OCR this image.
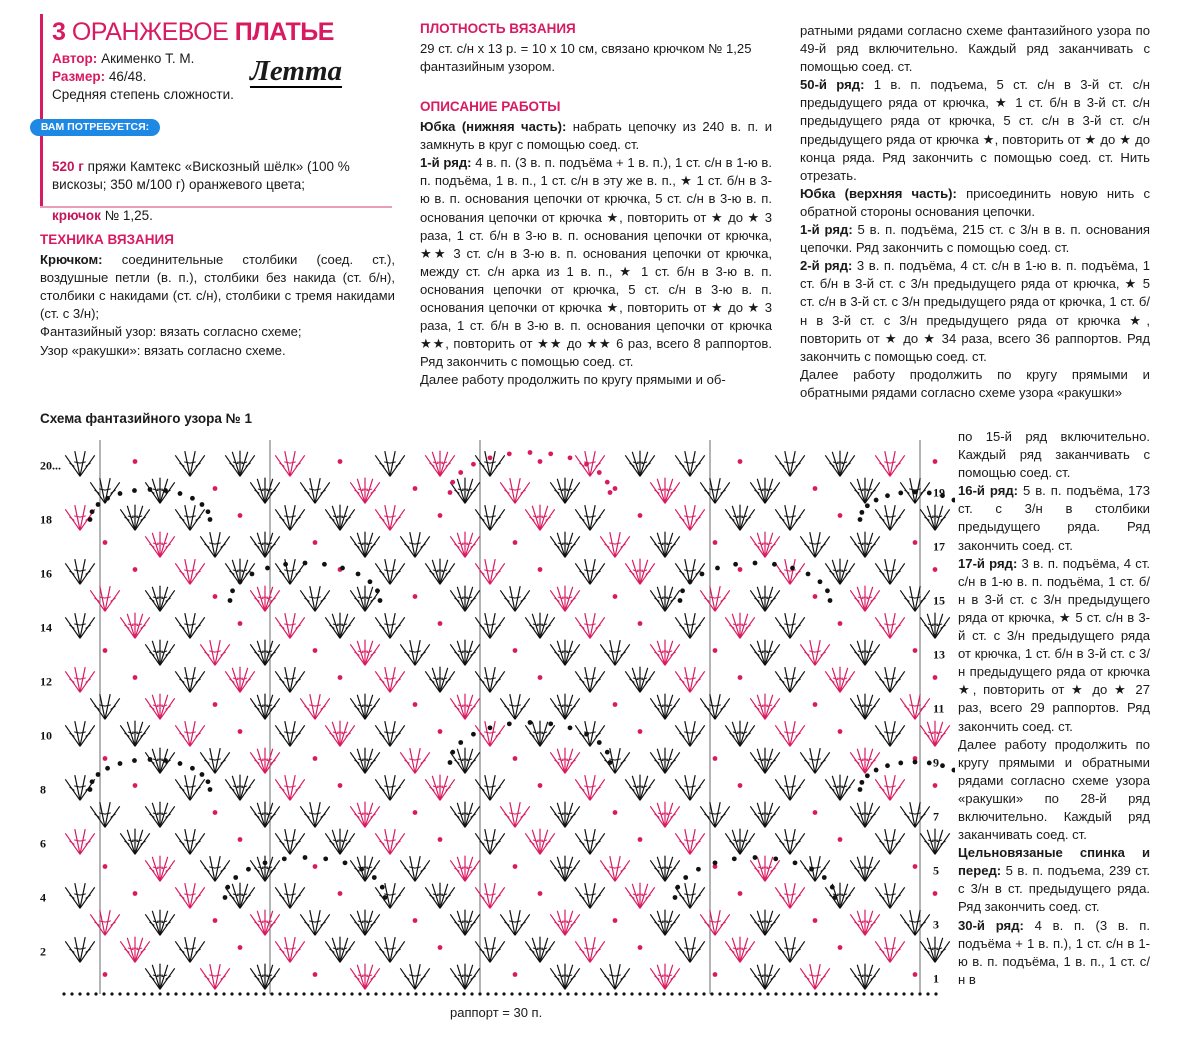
3 ОРАНЖЕВОЕ ПЛАТЬЕ
Автор: Акименко Т. М.
Размер: 46/48.
Средняя степень сложности.
Летта
ВАМ ПОТРЕБУЕТСЯ:

520 г пряжи Камтекс «Вискозный шёлк» (100 % вискозы; 350 м/100 г) оранжевого цвета;

крючок № 1,25.

ТЕХНИКА ВЯЗАНИЯ

Крючком: соединительные столбики (соед. ст.), воздушные петли (в. п.), столбики без накида (ст. б/н), столбики с накидами (ст. с/н), столбики с тремя накидами (ст. с 3/н);

Фантазийный узор: вязать согласно схеме;

Узор «ракушки»: вязать согласно схеме.

ПЛОТНОСТЬ ВЯЗАНИЯ

29 ст. с/н х 13 р. = 10 х 10 см, связано крючком № 1,25 фантазийным узором.

ОПИСАНИЕ РАБОТЫ

Юбка (нижняя часть): набрать цепочку из 240 в. п. и замкнуть в круг с помощью соед. ст.

1-й ряд: 4 в. п. (3 в. п. подъёма + 1 в. п.), 1 ст. с/н в 1-ю в. п. подъёма, 1 в. п., 1 ст. с/н в эту же в. п., ★ 1 ст. б/н в 3-ю в. п. основания цепочки от крючка, 5 ст. с/н в 3-ю в. п. основания цепочки от крючка ★, повторить от ★ до ★ 3 раза, 1 ст. б/н в 3-ю в. п. основания цепочки от крючка, ★★ 3 ст. с/н в 3-ю в. п. основания цепочки от крючка, между ст. с/н арка из 1 в. п., ★ 1 ст. б/н в 3-ю в. п. основания цепочки от крючка, 5 ст. с/н в 3-ю в. п. основания цепочки от крючка ★, повторить от ★ до ★ 3 раза, 1 ст. б/н в 3-ю в. п. основания цепочки от крючка ★★, повторить от ★★ до ★★ 6 раз, всего 8 раппортов. Ряд закончить с помощью соед. ст.

Далее работу продолжить по кругу прямыми и об-

ратными рядами согласно схеме фантазийного узора по 49-й ряд включительно. Каждый ряд заканчивать с помощью соед. ст.

50-й ряд: 1 в. п. подъема, 5 ст. с/н в 3-й ст. с/н предыдущего ряда от крючка, ★ 1 ст. б/н в 3-й ст. с/н предыдущего ряда от крючка, 5 ст. с/н в 3-й ст. с/н предыдущего ряда от крючка ★, повторить от ★ до ★ до конца ряда. Ряд закончить с помощью соед. ст. Нить отрезать.

Юбка (верхняя часть): присоединить новую нить с обратной стороны основания цепочки.

1-й ряд: 5 в. п. подъёма, 215 ст. с 3/н в в. п. основания цепочки. Ряд закончить с помощью соед. ст.

2-й ряд: 3 в. п. подъёма, 4 ст. с/н в 1-ю в. п. подъёма, 1 ст. б/н в 3-й ст. с 3/н предыдущего ряда от крючка, ★ 5 ст. с/н в 3-й ст. с 3/н предыдущего ряда от крючка, 1 ст. б/н в 3-й ст. с 3/н предыдущего ряда от крючка ★, повторить от ★ до ★ 34 раза, всего 36 раппортов. Ряд закончить с помощью соед. ст.

Далее работу продолжить по кругу прямыми и обратными рядами согласно схеме узора «ракушки»

по 15-й ряд включительно. Каждый ряд заканчивать с помощью соед. ст.

16-й ряд: 5 в. п. подъёма, 173 ст. с 3/н в столбики предыдущего ряда. Ряд закончить соед. ст.

17-й ряд: 3 в. п. подъёма, 4 ст. с/н в 1-ю в. п. подъёма, 1 ст. б/н в 3-й ст. с 3/н предыдущего ряда от крючка, ★ 5 ст. с/н в 3-й ст. с 3/н предыдущего ряда от крючка, 1 ст. б/н в 3-й ст. с 3/н предыдущего ряда от крючка ★, повторить от ★ до ★ 27 раз, всего 29 раппортов. Ряд закончить соед. ст.

Далее работу продолжить по кругу прямыми и обратными рядами согласно схеме узора «ракушки» по 28-й ряд включительно. Каждый ряд заканчивать соед. ст.

Цельновязаные спинка и перед: 5 в. п. подъема, 239 ст. с 3/н в ст. предыдущего ряда. Ряд закончить соед. ст.

30-й ряд: 4 в. п. (3 в. п. подъёма + 1 в. п.), 1 ст. с/н в 1-ю в. п. подъёма, 1 в. п., 1 ст. с/н в

Схема фантазийного узора № 1
20...
18
16
14
12
10
8
6
4
2
19
17
15
13
11
9
7
5
3
1
раппорт = 30 п.
